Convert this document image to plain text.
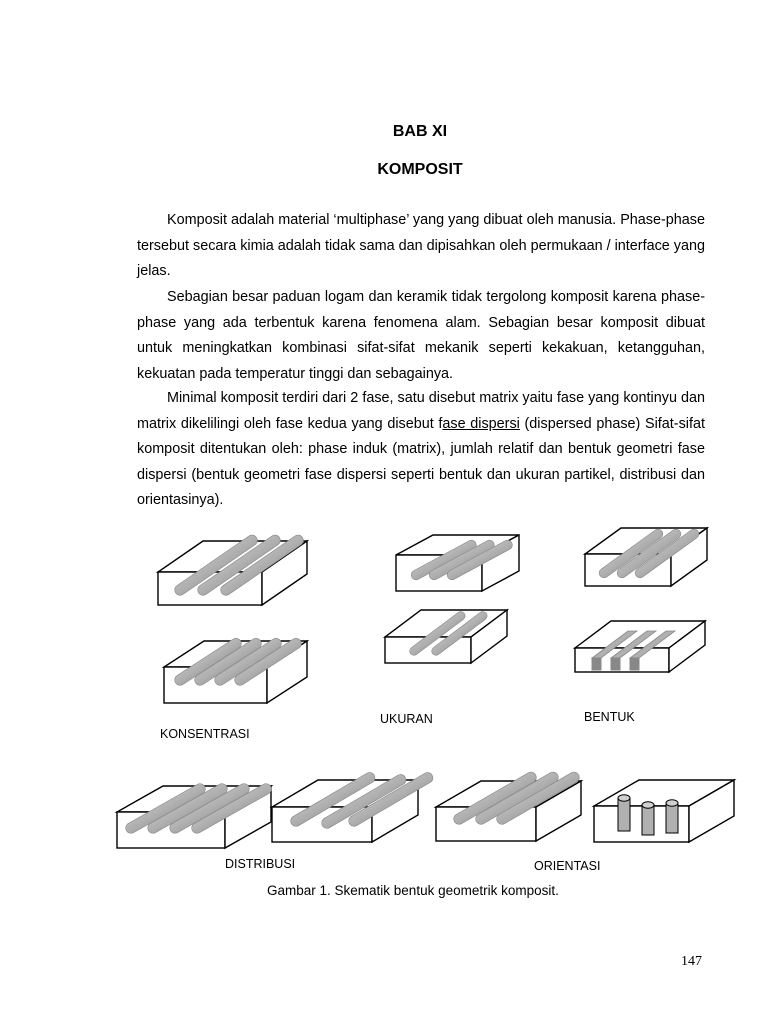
BAB XI
KOMPOSIT

Komposit adalah material ‘multiphase’ yang yang dibuat oleh manusia. Phase-phase tersebut secara kimia adalah tidak sama dan dipisahkan oleh permukaan / interface yang jelas.

Sebagian besar paduan logam dan keramik tidak tergolong komposit karena phase-phase yang ada terbentuk karena fenomena alam. Sebagian besar komposit dibuat untuk meningkatkan kombinasi sifat-sifat mekanik seperti kekakuan, ketangguhan, kekuatan pada temperatur tinggi dan sebagainya.

Minimal komposit terdiri dari 2 fase, satu disebut matrix yaitu fase yang kontinyu dan matrix dikelilingi oleh fase kedua yang disebut fase dispersi (dispersed phase) Sifat-sifat komposit ditentukan oleh: phase induk (matrix), jumlah relatif dan bentuk geometri fase dispersi (bentuk geometri fase dispersi seperti bentuk dan ukuran partikel, distribusi dan orientasinya).

KONSENTRASI

UKURAN	BENTUK

DISTRIBUSI	ORIENTASI

Gambar 1. Skematik bentuk geometrik komposit.

147
